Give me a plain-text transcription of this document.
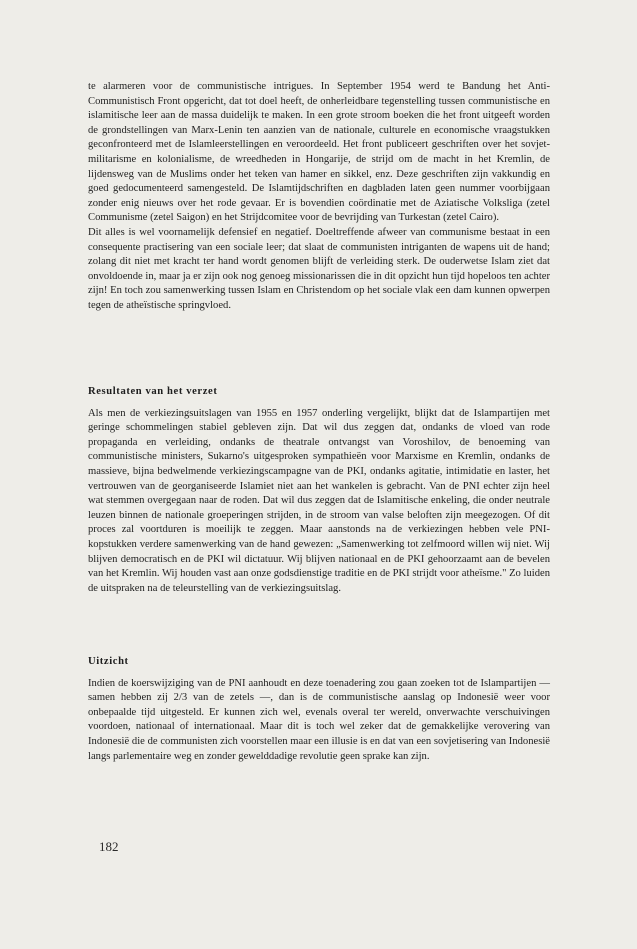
te alarmeren voor de communistische intrigues. In September 1954 werd te Bandung het Anti-Communistisch Front opgericht, dat tot doel heeft, de onherleidbare tegenstelling tussen communistische en islamitische leer aan de massa duidelijk te maken. In een grote stroom boeken die het front uitgeeft worden de grondstellingen van Marx-Lenin ten aanzien van de nationale, culturele en economische vraagstukken geconfronteerd met de Islamleerstellingen en veroordeeld. Het front publiceert geschriften over het sovjet-militarisme en kolonialisme, de wreedheden in Hongarije, de strijd om de macht in het Kremlin, de lijdensweg van de Muslims onder het teken van hamer en sikkel, enz. Deze geschriften zijn vakkundig en goed gedocumenteerd samengesteld. De Islamtijdschriften en dagbladen laten geen nummer voorbijgaan zonder enig nieuws over het rode gevaar. Er is bovendien coördinatie met de Aziatische Volksliga (zetel Communisme (zetel Saigon) en het Strijdcomitee voor de bevrijding van Turkestan (zetel Cairo).

Dit alles is wel voornamelijk defensief en negatief. Doeltreffende afweer van communisme bestaat in een consequente practisering van een sociale leer; dat slaat de communisten intriganten de wapens uit de hand; zolang dit niet met kracht ter hand wordt genomen blijft de verleiding sterk. De ouderwetse Islam ziet dat onvoldoende in, maar ja er zijn ook nog genoeg missionarissen die in dit opzicht hun tijd hopeloos ten achter zijn! En toch zou samenwerking tussen Islam en Christendom op het sociale vlak een dam kunnen opwerpen tegen de atheïstische springvloed.

Resultaten van het verzet

Als men de verkiezingsuitslagen van 1955 en 1957 onderling vergelijkt, blijkt dat de Islampartijen met geringe schommelingen stabiel gebleven zijn. Dat wil dus zeggen dat, ondanks de vloed van rode propaganda en verleiding, ondanks de theatrale ontvangst van Voroshilov, de benoeming van communistische ministers, Sukarno's uitgesproken sympathieën voor Marxisme en Kremlin, ondanks de massieve, bijna bedwelmende verkiezingscampagne van de PKI, ondanks agitatie, intimidatie en laster, het vertrouwen van de georganiseerde Islamiet niet aan het wankelen is gebracht. Van de PNI echter zijn heel wat stemmen overgegaan naar de roden. Dat wil dus zeggen dat de Islamitische enkeling, die onder neutrale leuzen binnen de nationale groeperingen strijden, in de stroom van valse beloften zijn meegezogen. Of dit proces zal voortduren is moeilijk te zeggen. Maar aanstonds na de verkiezingen hebben vele PNI-kopstukken verdere samenwerking van de hand gewezen: „Samenwerking tot zelfmoord willen wij niet. Wij blijven democratisch en de PKI wil dictatuur. Wij blijven nationaal en de PKI gehoorzaamt aan de bevelen van het Kremlin. Wij houden vast aan onze godsdienstige traditie en de PKI strijdt voor atheïsme." Zo luiden de uitspraken na de teleurstelling van de verkiezingsuitslag.

Uitzicht

Indien de koerswijziging van de PNI aanhoudt en deze toenadering zou gaan zoeken tot de Islampartijen — samen hebben zij 2/3 van de zetels —, dan is de communistische aanslag op Indonesië weer voor onbepaalde tijd uitgesteld. Er kunnen zich wel, evenals overal ter wereld, onverwachte verschuivingen voordoen, nationaal of internationaal. Maar dit is toch wel zeker dat de gemakkelijke verovering van Indonesië die de communisten zich voorstellen maar een illusie is en dat van een sovjetisering van Indonesië langs parlementaire weg en zonder gewelddadige revolutie geen sprake kan zijn.

182
